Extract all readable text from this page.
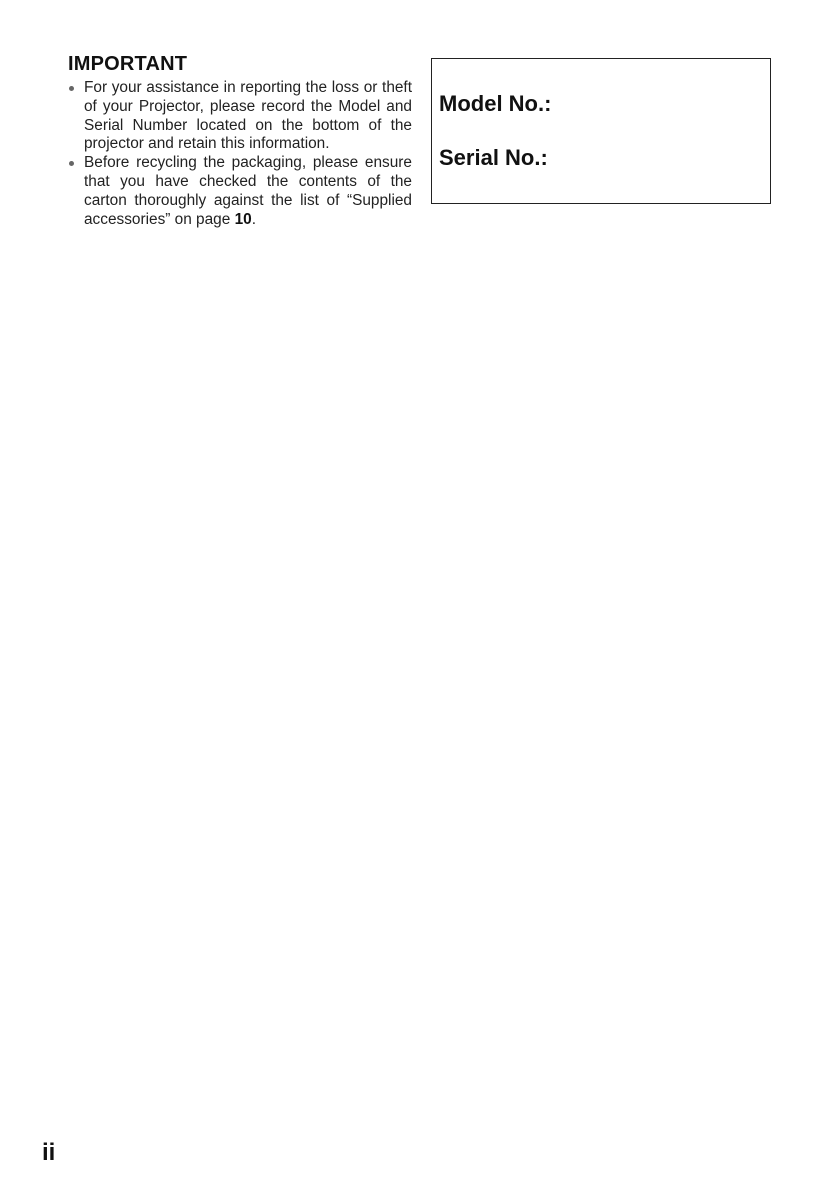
IMPORTANT
For your assistance in reporting the loss or theft of your Projector, please record the Model and Serial Number located on the bottom of the projector and retain this information.
Before recycling the packaging, please ensure that you have checked the contents of the carton thoroughly against the list of “Supplied accessories” on page 10.
Model No.:
Serial No.:
ii
